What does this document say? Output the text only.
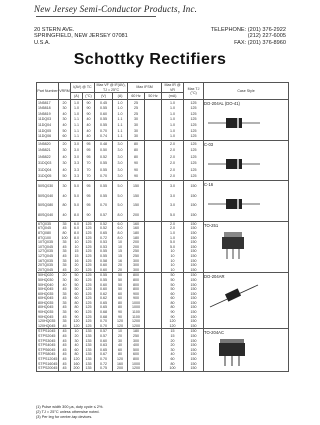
New Jersey Semi-Conductor Products, Inc.
20 STERN AVE.
SPRINGFIELD, NEW JERSEY 07081
U.S.A.
TELEPHONE: (201) 376-2922
(212) 227-6005
FAX: (201) 376-8960
Schottky Rectifiers
Part Number	VRRM	I(AV) @ TC		Max VF @ IF(AV), TJ = 25°C		Max IFSM		Max IR @ VR	Max TJ (°C)	Case Style
		(A)	(°C)	(V)	(A)	60 Hz	50 Hz	(mA)		
1N5817	20	1.0	90	0.45	1.0	25		1.0	125	DO-204AL (DO-41)

1N5818	30	1.0	90	0.55	1.0	25		1.0	125	
1N5819	40	1.0	90	0.60	1.0	25		1.0	125	
11DQ03	30	1.1	40	0.55	1.1	30		1.0	125	
11DQ04	40	1.1	40	0.55	1.1	30		1.0	125	
11DQ05	50	1.1	40	0.70	1.1	30		1.0	125	
11DQ06	60	1.1	40	0.74	1.1	30		1.0	125	
1N5820	20	3.0	95	0.48	3.0	80		2.0	125	C-03

1N5821	30	3.0	95	0.50	3.0	80		2.0	125	
1N5822	40	3.0	95	0.52	3.0	80		2.0	125	
31DQ03	30	3.3	70	0.55	3.0	90		2.0	125	
31DQ04	40	3.3	70	0.55	3.0	90		2.0	125	
31DQ05	50	3.3	70	0.70	3.0	90		2.0	125	
50SQ030	30	5.0	95	0.55	5.0	150		3.0	150	C-16

50SQ040	40	5.0	95	0.55	5.0	150		3.0	150	
50SQ080	80	5.0	95	0.70	5.0	150		3.0	150	
80SQ040	40	8.0	90	0.57	8.0	200		5.0	150	
6TQ035	35	6.0	125	0.52	6.0	160		2.0	150	TO-251

6TQ045	45	6.0	125	0.52	6.0	160		2.0	150	
8TQ080	80	8.0	125	0.65	8.0	180		1.0	150	
8TQ100	100	8.0	125	0.72	8.0	180		1.0	150	
10TQ035	35	10	125	0.53	10	200		5.0	150	
10TQ045	45	10	125	0.53	10	200		5.0	150	
12TQ035	35	15	125	0.55	15	250		10	150	
12TQ045	45	15	125	0.55	15	250		10	150	
16TQ035	35	16	125	0.58	16	300		10	150	
20TQ035	35	20	125	0.60	20	300		10	150	
20TQ045	45	20	125	0.60	20	300		10	150	
50HQ020	20	50	125	0.55	50	800		50	150	DO-204AR

50HQ030	30	50	125	0.55	50	800		50	150	
50HQ040	40	50	125	0.60	50	800		50	150	
50HQ045	45	50	125	0.60	50	800		50	150	
60HQ035	35	60	125	0.62	60	900		60	150	
60HQ045	45	60	125	0.62	60	900		60	150	
80HQ035	35	80	125	0.65	80	1000		80	150	
80HQ045	45	80	125	0.65	80	1000		80	150	
90HQ035	35	90	125	0.68	90	1100		90	150	
90HQ045	45	90	125	0.68	90	1100		90	150	
120HQ035	35	120	125	0.70	120	1200		120	150	
120HQ045	45	120	125	0.70	120	1200		120	150	
STPS1045	45	10	135	0.57	10	180		15	150	TO-204AC

STPS2045	45	20	135	0.57	20	250		15	150	
STPS3045	45	30	135	0.60	30	300		20	150	
STPS4045	45	40	135	0.63	40	400		20	150	
STPS6045	45	60	135	0.65	60	500		30	150	
STPS8045	45	80	135	0.67	80	600		40	150	
STPS12045	45	120	135	0.70	120	800		60	150	
STPS16045	45	160	135	0.72	160	1000		80	150	
STPS20045	45	200	135	0.75	200	1200		100	150	
(1) Pulse width 300 μs, duty cycle ≤ 2%.
(2) TJ = 25°C unless otherwise noted.
(3) Per leg for center-tap devices.
